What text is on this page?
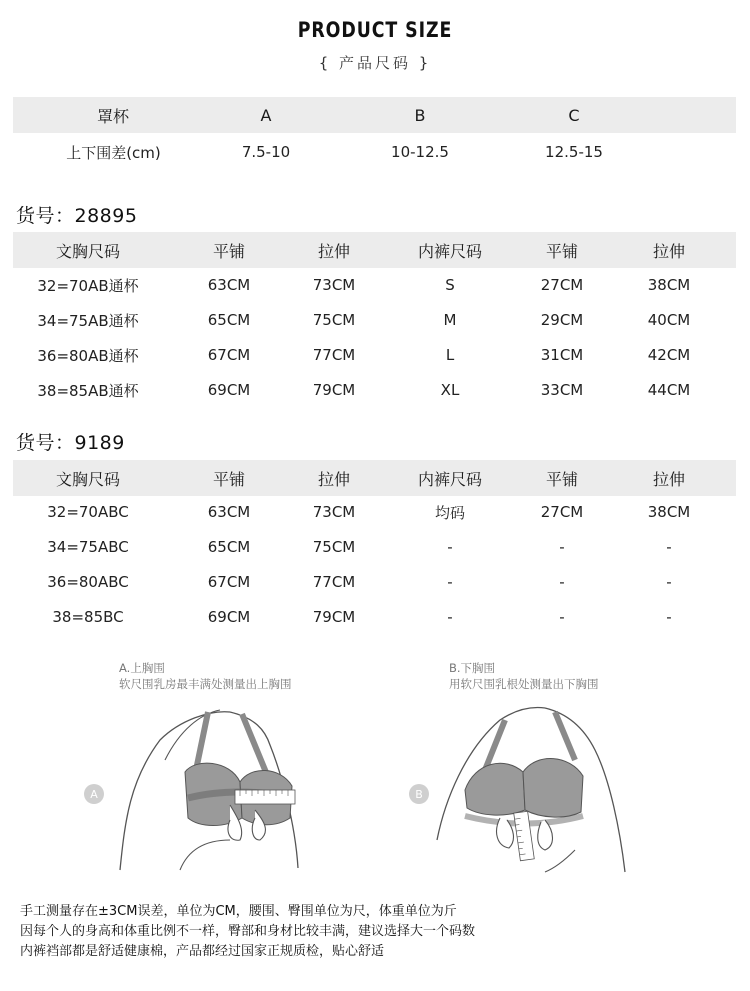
PRODUCT SIZE
{ 产品尺码 }
罩杯	A	B	C
上下围差(cm)	7.5-10	10-12.5	12.5-15
货号：28895
文胸尺码	平铺	拉伸	内裤尺码	平铺	拉伸
32=70AB通杯	63CM	73CM	S	27CM	38CM
34=75AB通杯	65CM	75CM	M	29CM	40CM
36=80AB通杯	67CM	77CM	L	31CM	42CM
38=85AB通杯	69CM	79CM	XL	33CM	44CM
货号：9189
文胸尺码	平铺	拉伸	内裤尺码	平铺	拉伸
32=70ABC	63CM	73CM	均码	27CM	38CM
34=75ABC	65CM	75CM	-	-	-
36=80ABC	67CM	77CM	-	-	-
38=85BC	69CM	79CM	-	-	-
A.上胸围
软尺围乳房最丰满处测量出上胸围
B.下胸围
用软尺围乳根处测量出下胸围
A	B
手工测量存在±3CM误差，单位为CM，腰围、臀围单位为尺，体重单位为斤
因每个人的身高和体重比例不一样，臀部和身材比较丰满，建议选择大一个码数
内裤裆部都是舒适健康棉，产品都经过国家正规质检，贴心舒适
